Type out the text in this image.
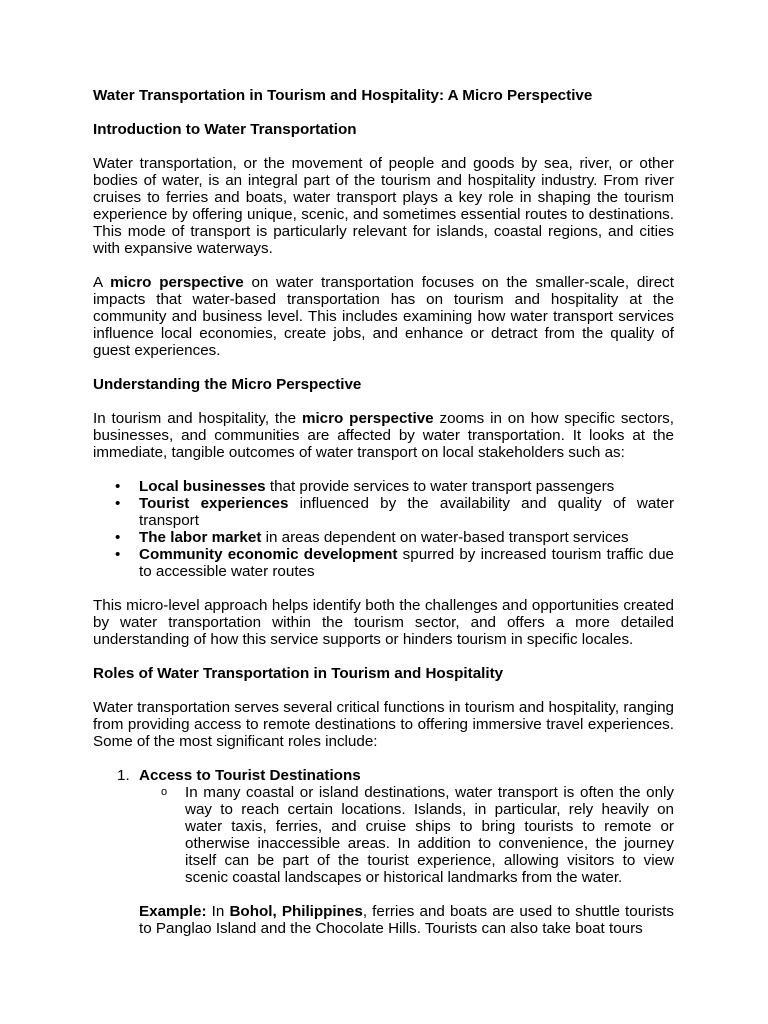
Water Transportation in Tourism and Hospitality: A Micro Perspective

Introduction to Water Transportation

Water transportation, or the movement of people and goods by sea, river, or other bodies of water, is an integral part of the tourism and hospitality industry. From river cruises to ferries and boats, water transport plays a key role in shaping the tourism experience by offering unique, scenic, and sometimes essential routes to destinations. This mode of transport is particularly relevant for islands, coastal regions, and cities with expansive waterways.

A micro perspective on water transportation focuses on the smaller-scale, direct impacts that water-based transportation has on tourism and hospitality at the community and business level. This includes examining how water transport services influence local economies, create jobs, and enhance or detract from the quality of guest experiences.

Understanding the Micro Perspective

In tourism and hospitality, the micro perspective zooms in on how specific sectors, businesses, and communities are affected by water transportation. It looks at the immediate, tangible outcomes of water transport on local stakeholders such as:

• Local businesses that provide services to water transport passengers
• Tourist experiences influenced by the availability and quality of water transport
• The labor market in areas dependent on water-based transport services
• Community economic development spurred by increased tourism traffic due to accessible water routes

This micro-level approach helps identify both the challenges and opportunities created by water transportation within the tourism sector, and offers a more detailed understanding of how this service supports or hinders tourism in specific locales.

Roles of Water Transportation in Tourism and Hospitality

Water transportation serves several critical functions in tourism and hospitality, ranging from providing access to remote destinations to offering immersive travel experiences. Some of the most significant roles include:

1. Access to Tourist Destinations

o In many coastal or island destinations, water transport is often the only way to reach certain locations. Islands, in particular, rely heavily on water taxis, ferries, and cruise ships to bring tourists to remote or otherwise inaccessible areas. In addition to convenience, the journey itself can be part of the tourist experience, allowing visitors to view scenic coastal landscapes or historical landmarks from the water.

Example: In Bohol, Philippines, ferries and boats are used to shuttle tourists to Panglao Island and the Chocolate Hills. Tourists can also take boat tours
